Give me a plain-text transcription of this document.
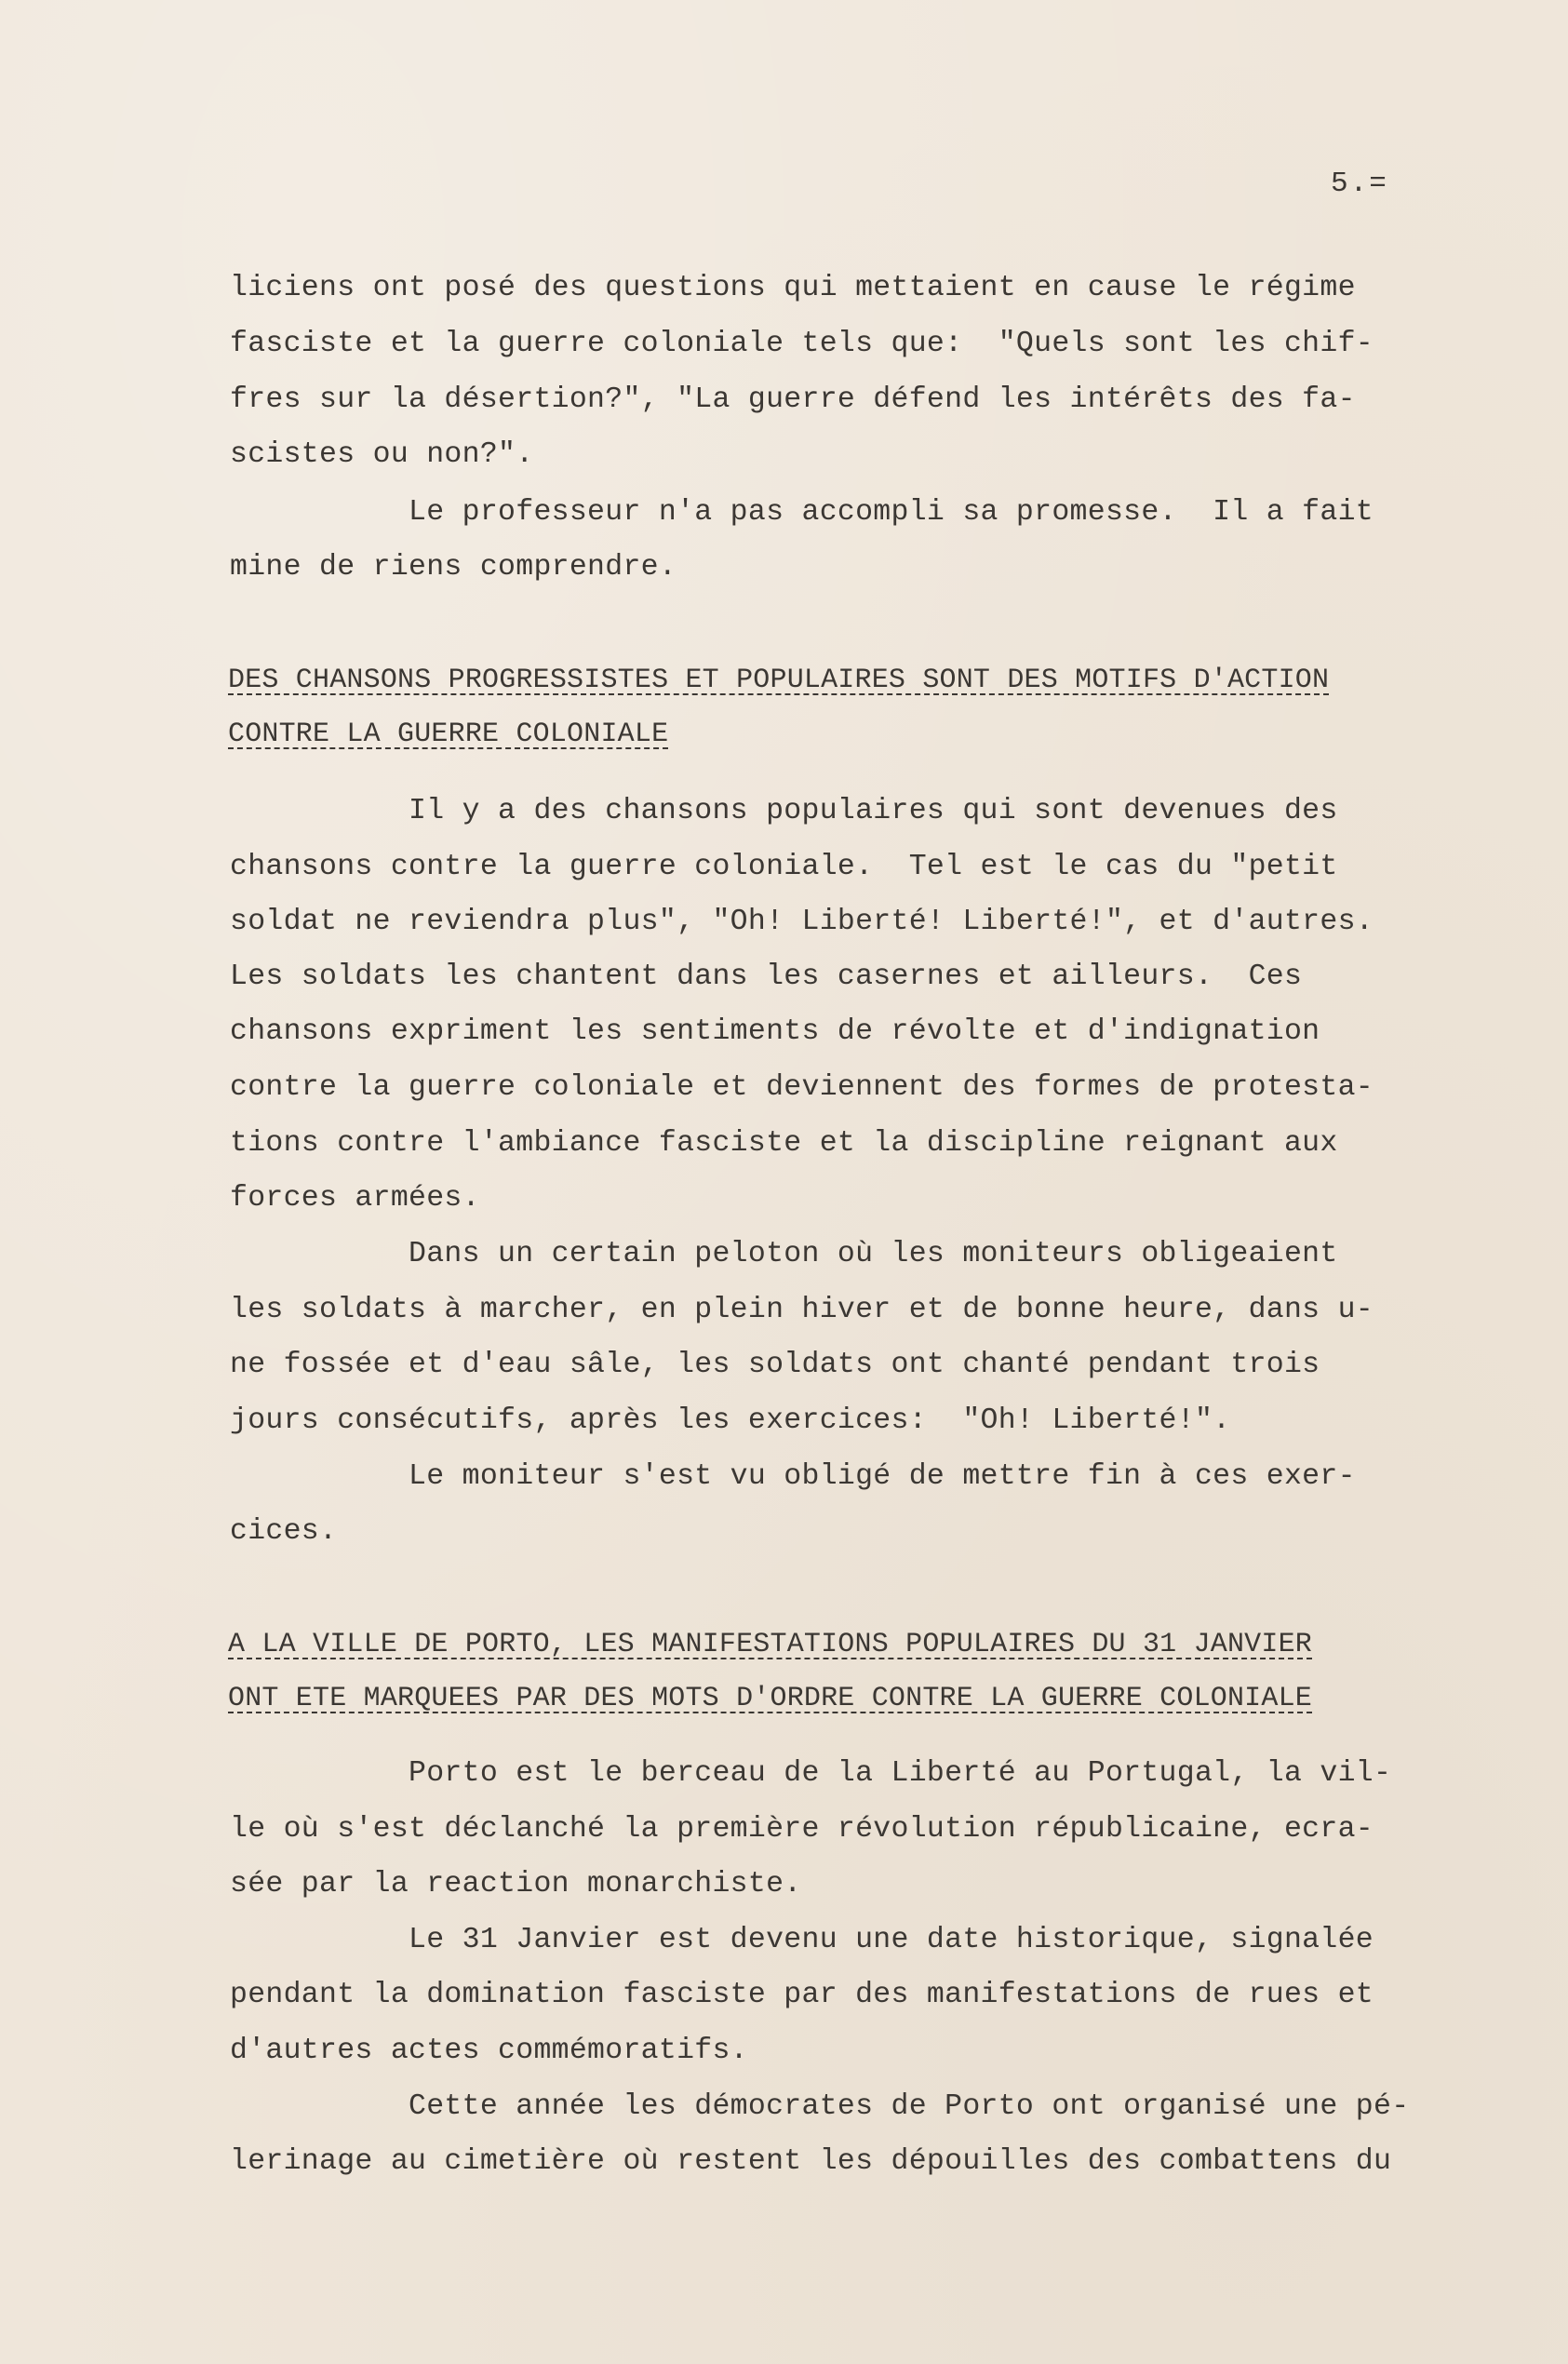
5.=
liciens ont posé des questions qui mettaient en cause le régime
fasciste et la guerre coloniale tels que:  "Quels sont les chif-
fres sur la désertion?", "La guerre défend les intérêts des fa-
scistes ou non?".
Le professeur n'a pas accompli sa promesse.  Il a fait
mine de riens comprendre.
DES CHANSONS PROGRESSISTES ET POPULAIRES SONT DES MOTIFS D'ACTION
CONTRE LA GUERRE COLONIALE
Il y a des chansons populaires qui sont devenues des
chansons contre la guerre coloniale.  Tel est le cas du "petit
soldat ne reviendra plus", "Oh! Liberté! Liberté!", et d'autres.
Les soldats les chantent dans les casernes et ailleurs.  Ces
chansons expriment les sentiments de révolte et d'indignation
contre la guerre coloniale et deviennent des formes de protesta-
tions contre l'ambiance fasciste et la discipline reignant aux
forces armées.
Dans un certain peloton où les moniteurs obligeaient
les soldats à marcher, en plein hiver et de bonne heure, dans u-
ne fossée et d'eau sâle, les soldats ont chanté pendant trois
jours consécutifs, après les exercices:  "Oh! Liberté!".
Le moniteur s'est vu obligé de mettre fin à ces exer-
cices.
A LA VILLE DE PORTO, LES MANIFESTATIONS POPULAIRES DU 31 JANVIER
ONT ETE MARQUEES PAR DES MOTS D'ORDRE CONTRE LA GUERRE COLONIALE
Porto est le berceau de la Liberté au Portugal, la vil-
le où s'est déclanché la première révolution républicaine, ecra-
sée par la reaction monarchiste.
Le 31 Janvier est devenu une date historique, signalée
pendant la domination fasciste par des manifestations de rues et
d'autres actes commémoratifs.
Cette année les démocrates de Porto ont organisé une pé-
lerinage au cimetière où restent les dépouilles des combattens du
